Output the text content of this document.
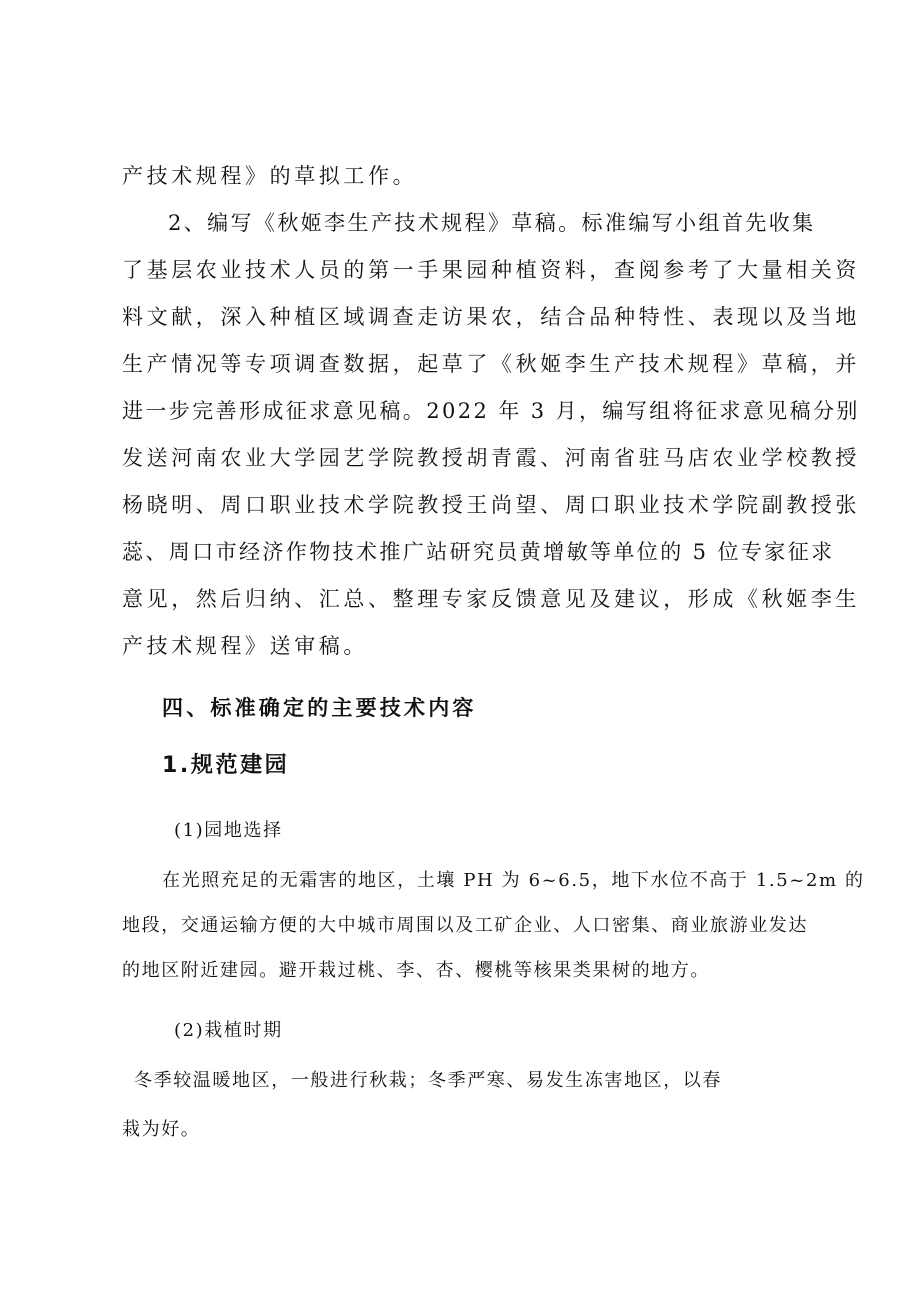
产技术规程》的草拟工作。
2、编写《秋姬李生产技术规程》草稿。标准编写小组首先收集
了基层农业技术人员的第一手果园种植资料，查阅参考了大量相关资
料文献，深入种植区域调查走访果农，结合品种特性、表现以及当地
生产情况等专项调查数据，起草了《秋姬李生产技术规程》草稿，并
进一步完善形成征求意见稿。2022 年 3 月，编写组将征求意见稿分别
发送河南农业大学园艺学院教授胡青霞、河南省驻马店农业学校教授
杨晓明、周口职业技术学院教授王尚望、周口职业技术学院副教授张
蕊、周口市经济作物技术推广站研究员黄增敏等单位的 5 位专家征求
意见，然后归纳、汇总、整理专家反馈意见及建议，形成《秋姬李生
产技术规程》送审稿。
四、标准确定的主要技术内容
1.规范建园
(1)园地选择
在光照充足的无霜害的地区，土壤 PH 为 6~6.5，地下水位不高于 1.5~2m 的
地段，交通运输方便的大中城市周围以及工矿企业、人口密集、商业旅游业发达
的地区附近建园。避开栽过桃、李、杏、樱桃等核果类果树的地方。
(2)栽植时期
冬季较温暖地区，一般进行秋栽；冬季严寒、易发生冻害地区，以春
栽为好。
